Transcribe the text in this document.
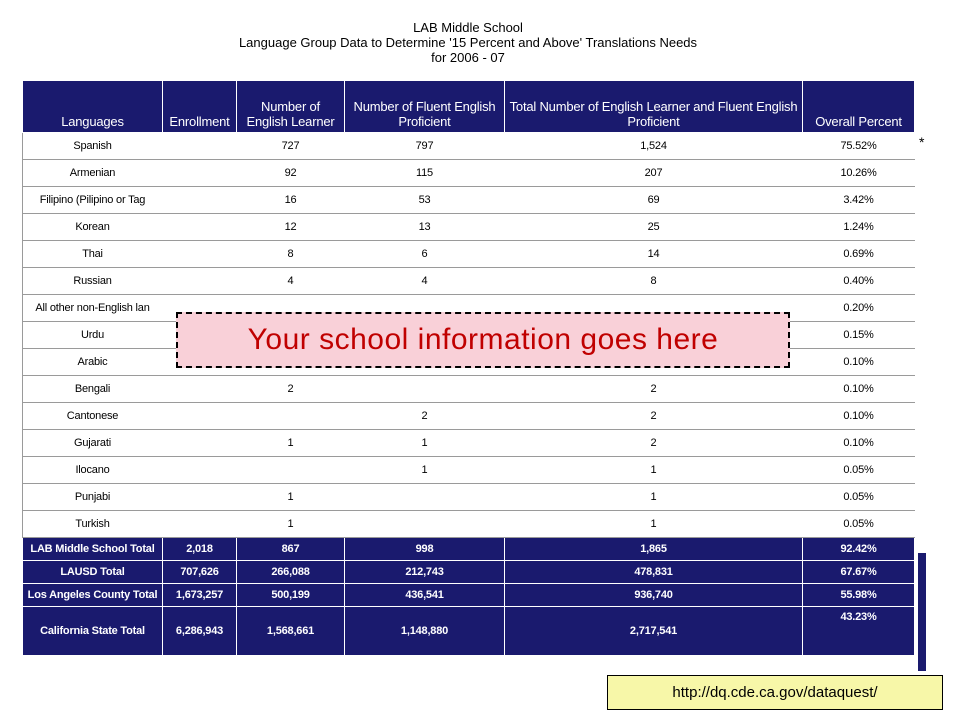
LAB Middle School
Language Group Data to Determine '15 Percent and Above' Translations Needs
for 2006 - 07
Languages	Enrollment	Number of English Learner	Number of Fluent English Proficient	Total Number of English Learner and Fluent English Proficient	Overall Percent
Spanish		727	797	1,524	75.52%
Armenian		92	115	207	10.26%
Filipino (Pilipino or Tag		16	53	69	3.42%
Korean		12	13	25	1.24%
Thai		8	6	14	0.69%
Russian		4	4	8	0.40%
All other non-English lan					0.20%
Urdu					0.15%
Arabic					0.10%
Bengali		2		2	0.10%
Cantonese			2	2	0.10%
Gujarati		1	1	2	0.10%
Ilocano			1	1	0.05%
Punjabi		1		1	0.05%
Turkish		1		1	0.05%
LAB Middle School Total	2,018	867	998	1,865	92.42%
LAUSD Total	707,626	266,088	212,743	478,831	67.67%
Los Angeles County Total	1,673,257	500,199	436,541	936,740	55.98%
California State Total	6,286,943	1,568,661	1,148,880	2,717,541	43.23%
*
Your school information goes here
http://dq.cde.ca.gov/dataquest/
